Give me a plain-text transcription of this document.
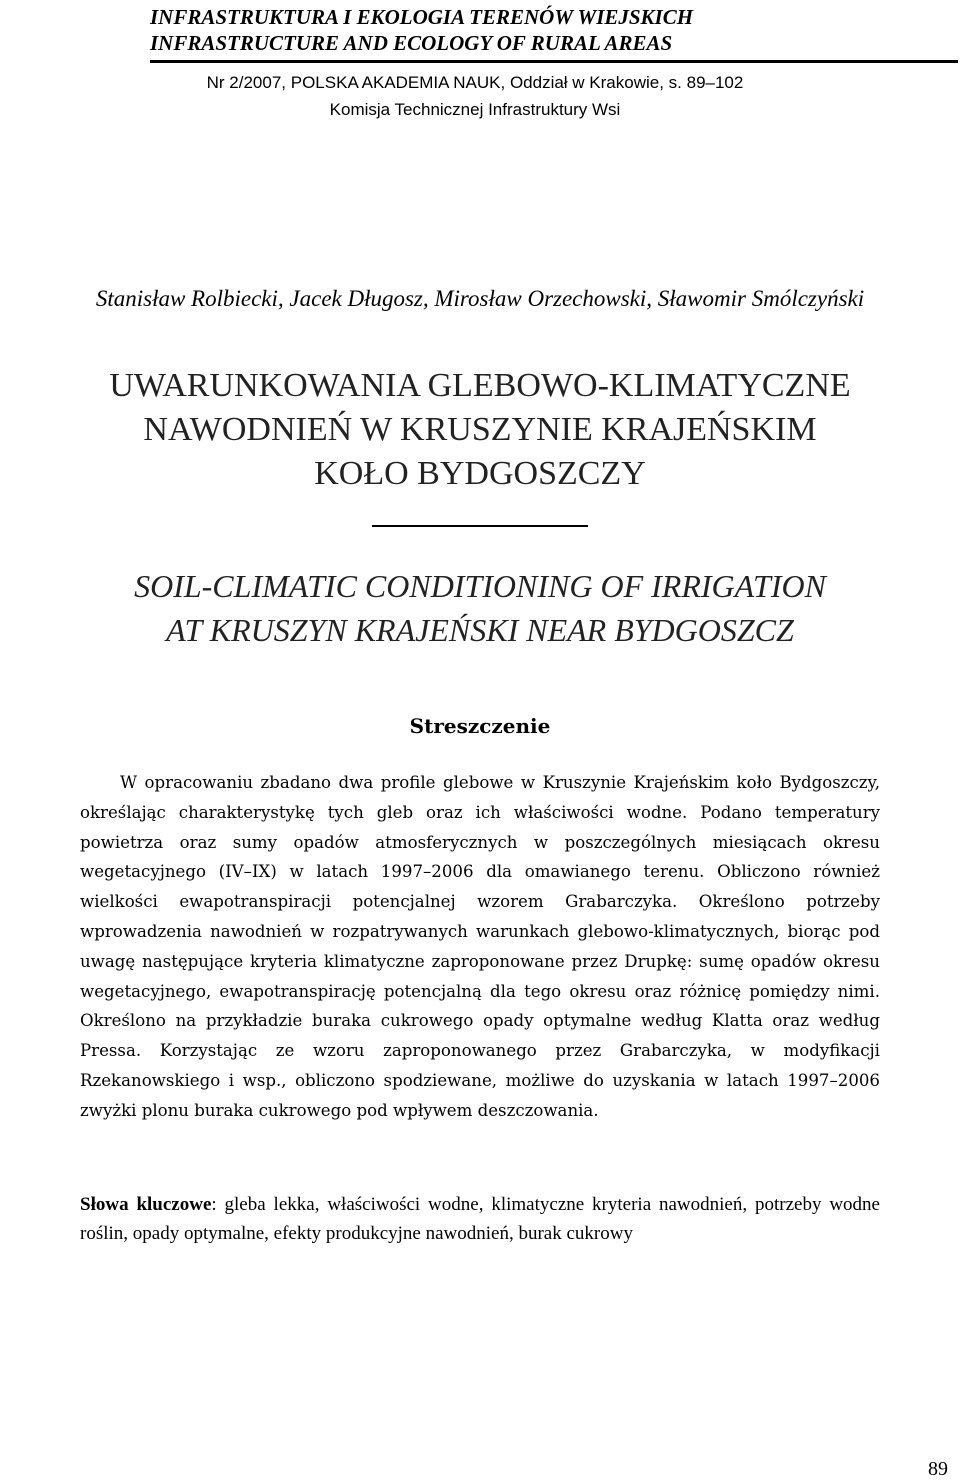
INFRASTRUKTURA I EKOLOGIA TERENÓW WIEJSKICH
INFRASTRUCTURE AND ECOLOGY OF RURAL AREAS
Nr 2/2007, POLSKA AKADEMIA NAUK, Oddział w Krakowie, s. 89–102
Komisja Technicznej Infrastruktury Wsi
Stanisław Rolbiecki, Jacek Długosz, Mirosław Orzechowski, Sławomir Smólczyński
UWARUNKOWANIA GLEBOWO-KLIMATYCZNE
NAWODNIEŃ W KRUSZYNIE KRAJEŃSKIM
KOŁO BYDGOSZCZY
SOIL-CLIMATIC CONDITIONING OF IRRIGATION
AT KRUSZYN KRAJEŃSKI NEAR BYDGOSZCZ
Streszczenie
W opracowaniu zbadano dwa profile glebowe w Kruszynie Krajeńskim koło Bydgoszczy, określając charakterystykę tych gleb oraz ich właściwości wodne. Podano temperatury powietrza oraz sumy opadów atmosferycznych w poszczególnych miesiącach okresu wegetacyjnego (IV–IX) w latach 1997–2006 dla omawianego terenu. Obliczono również wielkości ewapotranspiracji potencjalnej wzorem Grabarczyka. Określono potrzeby wprowadzenia nawodnień w rozpatrywanych warunkach glebowo-klimatycznych, biorąc pod uwagę następujące kryteria klimatyczne zaproponowane przez Drupkę: sumę opadów okresu wegetacyjnego, ewapotranspirację potencjalną dla tego okresu oraz różnicę pomiędzy nimi. Określono na przykładzie buraka cukrowego opady optymalne według Klatta oraz według Pressa. Korzystając ze wzoru zaproponowanego przez Grabarczyka, w modyfikacji Rzekanowskiego i wsp., obliczono spodziewane, możliwe do uzyskania w latach 1997–2006 zwyżki plonu buraka cukrowego pod wpływem deszczowania.
Słowa kluczowe: gleba lekka, właściwości wodne, klimatyczne kryteria nawodnień, potrzeby wodne roślin, opady optymalne, efekty produkcyjne nawodnień, burak cukrowy
89
